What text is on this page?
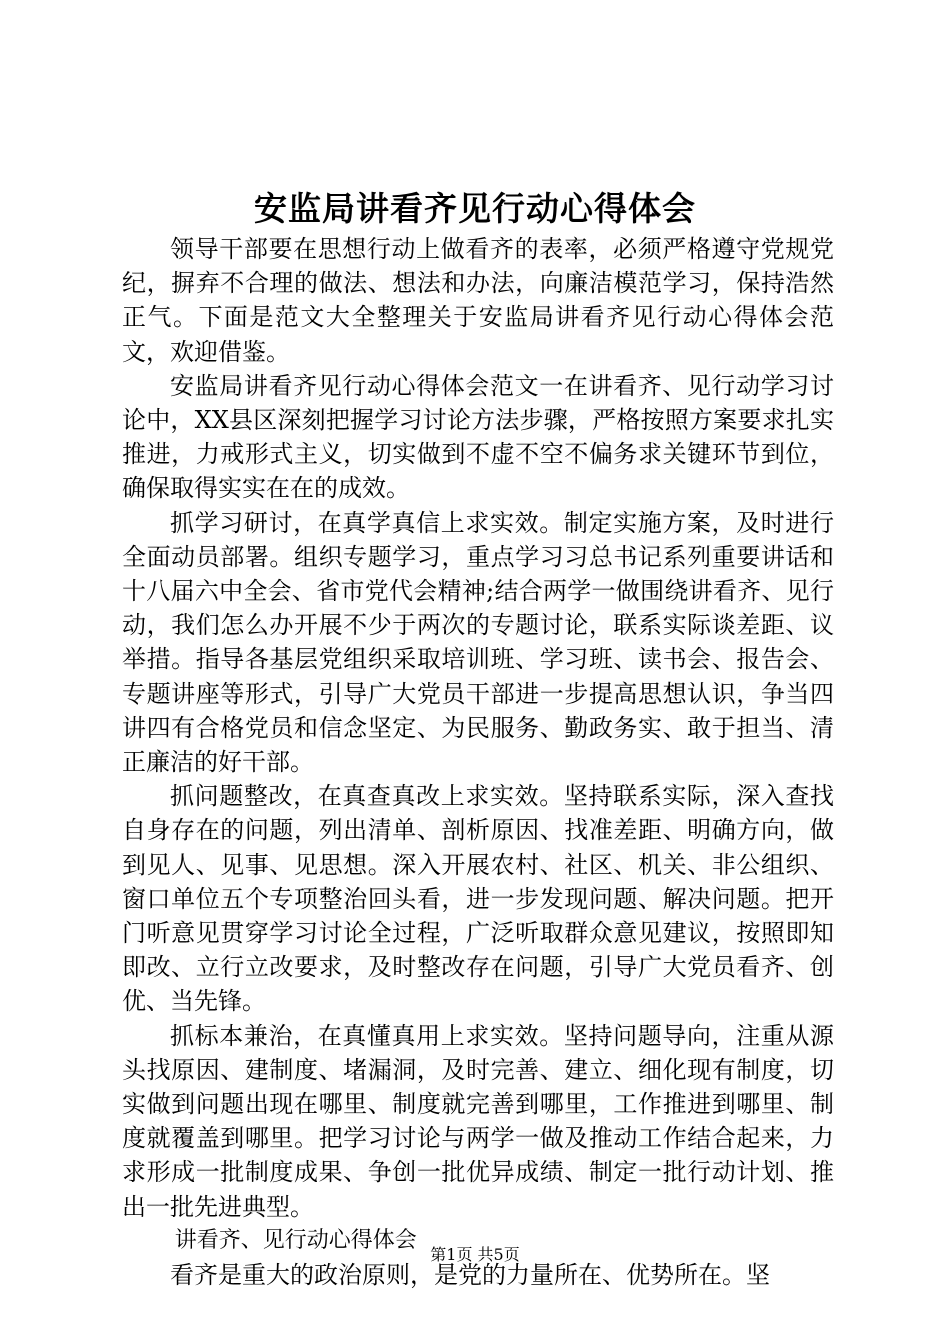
安监局讲看齐见行动心得体会

领导干部要在思想行动上做看齐的表率，必须严格遵守党规党纪，摒弃不合理的做法、想法和办法，向廉洁模范学习，保持浩然正气。下面是范文大全整理关于安监局讲看齐见行动心得体会范文，欢迎借鉴。

安监局讲看齐见行动心得体会范文一在讲看齐、见行动学习讨论中，XX县区深刻把握学习讨论方法步骤，严格按照方案要求扎实推进，力戒形式主义，切实做到不虚不空不偏务求关键环节到位，确保取得实实在在的成效。

抓学习研讨，在真学真信上求实效。制定实施方案，及时进行全面动员部署。组织专题学习，重点学习习总书记系列重要讲话和十八届六中全会、省市党代会精神;结合两学一做围绕讲看齐、见行动，我们怎么办开展不少于两次的专题讨论，联系实际谈差距、议举措。指导各基层党组织采取培训班、学习班、读书会、报告会、专题讲座等形式，引导广大党员干部进一步提高思想认识，争当四讲四有合格党员和信念坚定、为民服务、勤政务实、敢于担当、清正廉洁的好干部。

抓问题整改，在真查真改上求实效。坚持联系实际，深入查找自身存在的问题，列出清单、剖析原因、找准差距、明确方向，做到见人、见事、见思想。深入开展农村、社区、机关、非公组织、窗口单位五个专项整治回头看，进一步发现问题、解决问题。把开门听意见贯穿学习讨论全过程，广泛听取群众意见建议，按照即知即改、立行立改要求，及时整改存在问题，引导广大党员看齐、创优、当先锋。

抓标本兼治，在真懂真用上求实效。坚持问题导向，注重从源头找原因、建制度、堵漏洞，及时完善、建立、细化现有制度，切实做到问题出现在哪里、制度就完善到哪里，工作推进到哪里、制度就覆盖到哪里。把学习讨论与两学一做及推动工作结合起来，力求形成一批制度成果、争创一批优异成绩、制定一批行动计划、推出一批先进典型。

讲看齐、见行动心得体会

看齐是重大的政治原则，是党的力量所在、优势所在。坚

第1页 共5页
